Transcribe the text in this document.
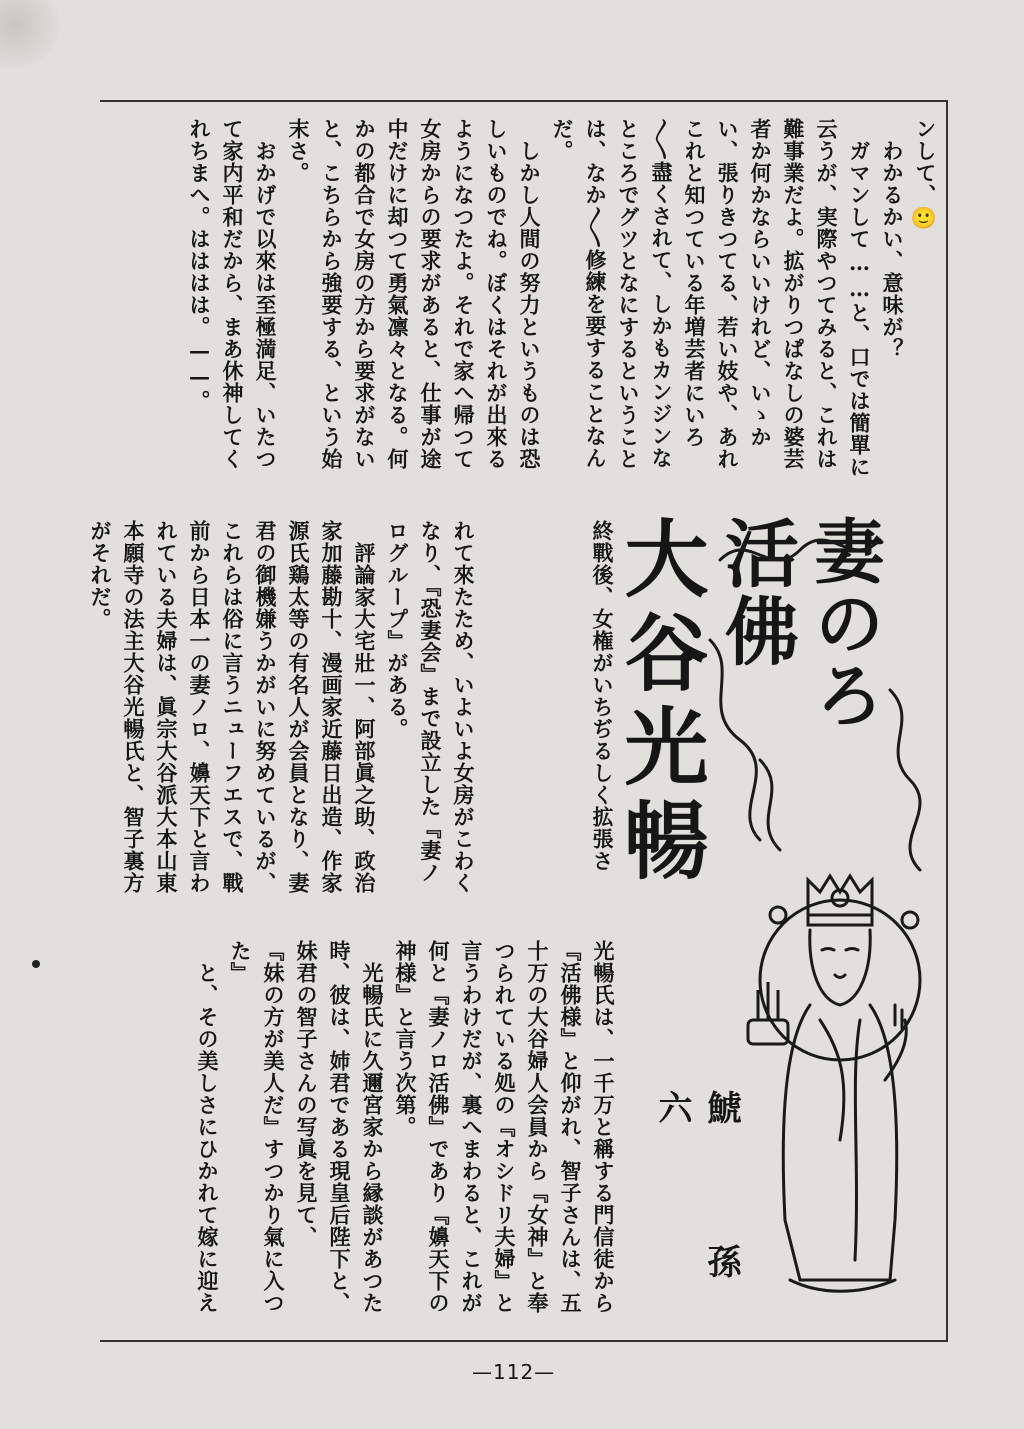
ンして、🙂
　わかるかい、意味が？
　ガマンして……と、口では簡單に云うが、実際やつてみると、これは難事業だよ。拡がりつぱなしの婆芸者か何かならいいけれど、いゝかい、張りきつてる、若い妓や、あれこれと知つている年増芸者にいろ〳〵盡くされて、しかもカンジンなところでグツとなにするということは、なか〳〵修練を要することなんだ。
　しかし人間の努力というものは恐しいものでね。ぼくはそれが出來るようになつたよ。それで家へ帰つて女房からの要求があると、仕事が途中だけに却つて勇氣凛々となる。何かの都合で女房の方から要求がないと、こちらから強要する、という始末さ。
　おかげで以來は至極満足、いたつて家内平和だから、まあ休神してくれちまへ。はははは。——。
れて來たため、いよいよ女房がこわくなり、『恐妻会』まで設立した『妻ノログループ』がある。
　評論家大宅壯一、阿部眞之助、政治家加藤勘十、漫画家近藤日出造、作家源氏鶏太等の有名人が会員となり、妻君の御機嫌うかがいに努めているが、これらは俗に言うニューフエスで、戰前から日本一の妻ノロ、嬶天下と言われている夫婦は、眞宗大谷派大本山東本願寺の法主大谷光暢氏と、智子裏方がそれだ。	終戰後、女権がいちぢるしく拡張さ
光暢氏は、一千万と稱する門信徒から『活佛様』と仰がれ、智子さんは、五十万の大谷婦人会員から『女神』と奉つられている処の『オシドリ夫婦』と言うわけだが、裏へまわると、これが何と『妻ノロ活佛』であり『嬶天下の神様』と言う次第。
　光暢氏に久邇宮家から縁談があつた時、彼は、姉君である現皇后陛下と、妹君の智子さんの写眞を見て、
『妹の方が美人だ』すつかり氣に入つた』
　と、その美しさにひかれて嫁に迎え
妻のろ
活佛
大谷光暢
鯱 孫 六
—112—
